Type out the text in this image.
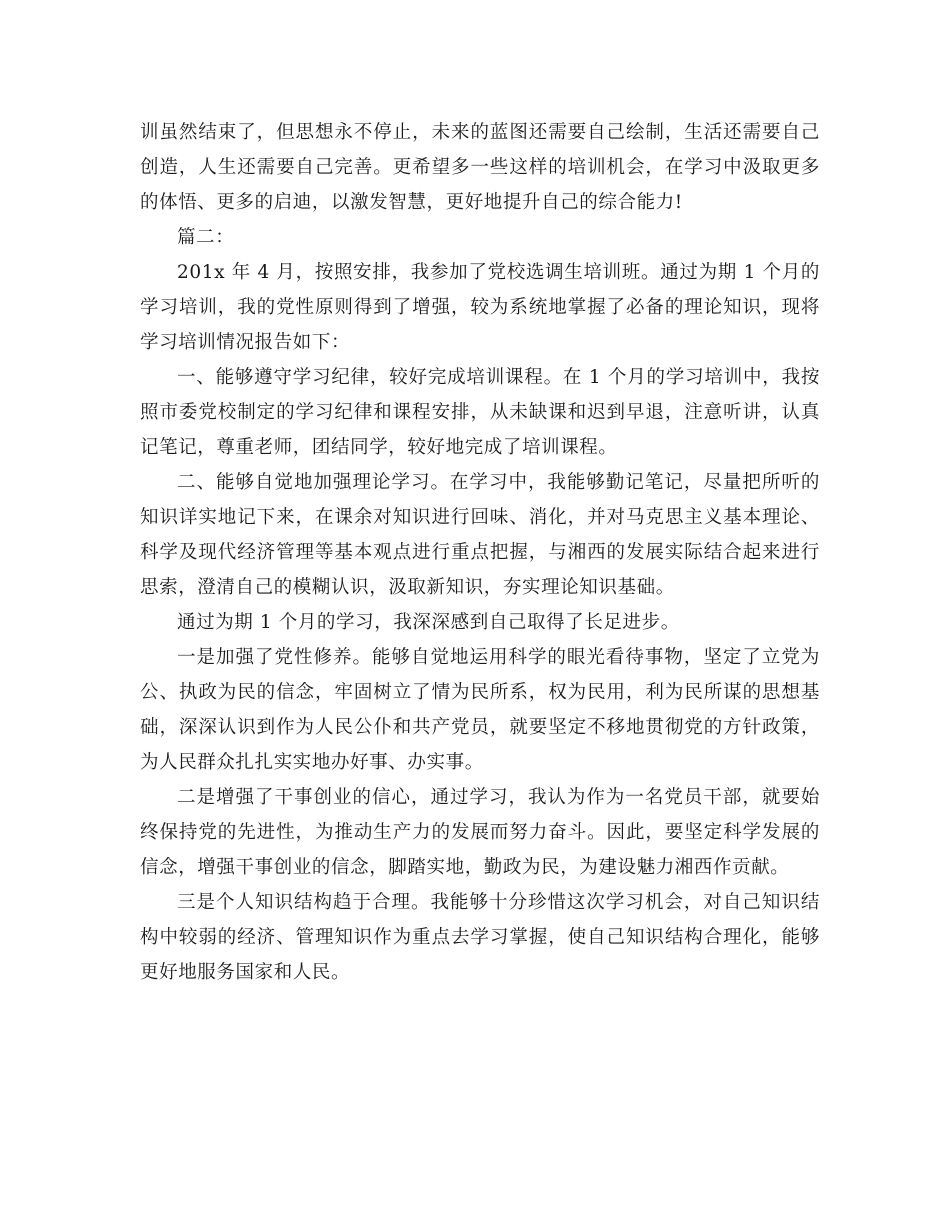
训虽然结束了，但思想永不停止，未来的蓝图还需要自己绘制，生活还需要自己创造，人生还需要自己完善。更希望多一些这样的培训机会，在学习中汲取更多的体悟、更多的启迪，以激发智慧，更好地提升自己的综合能力!

篇二：

201x 年 4 月，按照安排，我参加了党校选调生培训班。通过为期 1 个月的学习培训，我的党性原则得到了增强，较为系统地掌握了必备的理论知识，现将学习培训情况报告如下：

一、能够遵守学习纪律，较好完成培训课程。在 1 个月的学习培训中，我按照市委党校制定的学习纪律和课程安排，从未缺课和迟到早退，注意听讲，认真记笔记，尊重老师，团结同学，较好地完成了培训课程。

二、能够自觉地加强理论学习。在学习中，我能够勤记笔记，尽量把所听的知识详实地记下来，在课余对知识进行回味、消化，并对马克思主义基本理论、科学及现代经济管理等基本观点进行重点把握，与湘西的发展实际结合起来进行思索，澄清自己的模糊认识，汲取新知识，夯实理论知识基础。

通过为期 1 个月的学习，我深深感到自己取得了长足进步。

一是加强了党性修养。能够自觉地运用科学的眼光看待事物，坚定了立党为公、执政为民的信念，牢固树立了情为民所系，权为民用，利为民所谋的思想基础，深深认识到作为人民公仆和共产党员，就要坚定不移地贯彻党的方针政策，为人民群众扎扎实实地办好事、办实事。

二是增强了干事创业的信心，通过学习，我认为作为一名党员干部，就要始终保持党的先进性，为推动生产力的发展而努力奋斗。因此，要坚定科学发展的信念，增强干事创业的信念，脚踏实地，勤政为民，为建设魅力湘西作贡献。

三是个人知识结构趋于合理。我能够十分珍惜这次学习机会，对自己知识结构中较弱的经济、管理知识作为重点去学习掌握，使自己知识结构合理化，能够更好地服务国家和人民。
